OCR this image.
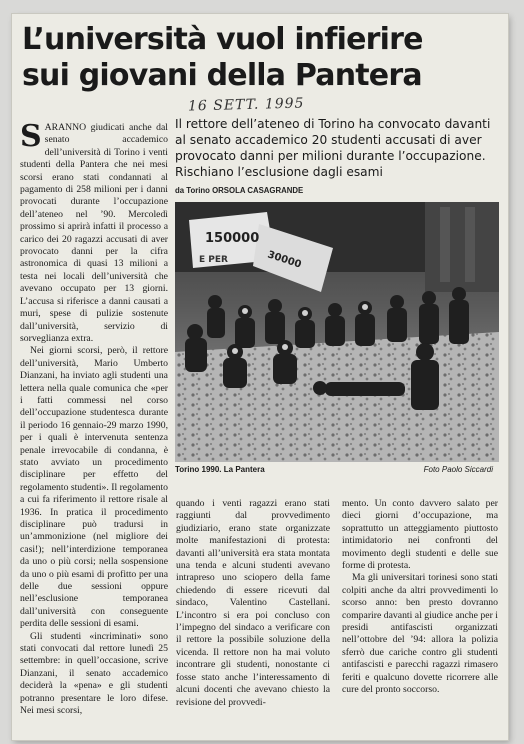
L’università vuol infierire
sui giovani della Pantera
16 SETT. 1995
Il rettore dell’ateneo di Torino ha convocato davanti al senato accademico 20 studenti accusati di aver provocato danni per milioni durante l’occupazione. Rischiano l’esclusione dagli esami
da Torino ORSOLA CASAGRANDE

SARANNO giudicati anche dal senato accademico dell’università di Torino i venti studenti della Pantera che nei mesi scorsi erano stati condannati al pagamento di 258 milioni per i danni provocati durante l’occupazione dell’ateneo nel ’90. Mercoledì prossimo si aprirà infatti il processo a carico dei 20 ragazzi accusati di aver provocato danni per la cifra astronomica di quasi 13 milioni a testa nei locali dell’università che avevano occupato per 13 giorni. L’accusa si riferisce a danni causati a muri, spese di pulizie sostenute dall’università, servizio di sorveglianza extra.

Nei giorni scorsi, però, il rettore dell’università, Mario Umberto Dianzani, ha inviato agli studenti una lettera nella quale comunica che «per i fatti commessi nel corso dell’occupazione studentesca durante il periodo 16 gennaio-29 marzo 1990, per i quali è intervenuta sentenza penale irrevocabile di condanna, è stato avviato un procedimento disciplinare per effetto del regolamento studenti». Il regolamento a cui fa riferimento il rettore risale al 1936. In pratica il procedimento disciplinare può tradursi in un’ammonizione (nel migliore dei casi!); nell’interdizione temporanea da uno o più corsi; nella sospensione da uno o più esami di profitto per una delle due sessioni oppure nell’esclusione temporanea dall’università con conseguente perdita delle sessioni di esami.

Gli studenti «incriminati» sono stati convocati dal rettore lunedì 25 settembre: in quell’occasione, scrive Dianzani, il senato accademico deciderà la «pena» e gli studenti potranno presentare le loro difese. Nei mesi scorsi,

150000
30000
E PER
Torino 1990. La Pantera	Foto Paolo Siccardi

quando i venti ragazzi erano stati raggiunti dal provvedimento giudiziario, erano state organizzate molte manifestazioni di protesta: davanti all’università era stata montata una tenda e alcuni studenti avevano intrapreso uno sciopero della fame chiedendo di essere ricevuti dal sindaco, Valentino Castellani. L’incontro si era poi concluso con l’impegno del sindaco a verificare con il rettore la possibile soluzione della vicenda. Il rettore non ha mai voluto incontrare gli studenti, nonostante ci fosse stato anche l’interessamento di alcuni docenti che avevano chiesto la revisione del provvedi-

mento. Un conto davvero salato per dieci giorni d’occupazione, ma soprattutto un atteggiamento piuttosto intimidatorio nei confronti del movimento degli studenti e delle sue forme di protesta.

Ma gli universitari torinesi sono stati colpiti anche da altri provvedimenti lo scorso anno: ben presto dovranno comparire davanti al giudice anche per i presidi antifascisti organizzati nell’ottobre del ’94: allora la polizia sferrò due cariche contro gli studenti antifascisti e parecchi ragazzi rimasero feriti e qualcuno dovette ricorrere alle cure del pronto soccorso.
